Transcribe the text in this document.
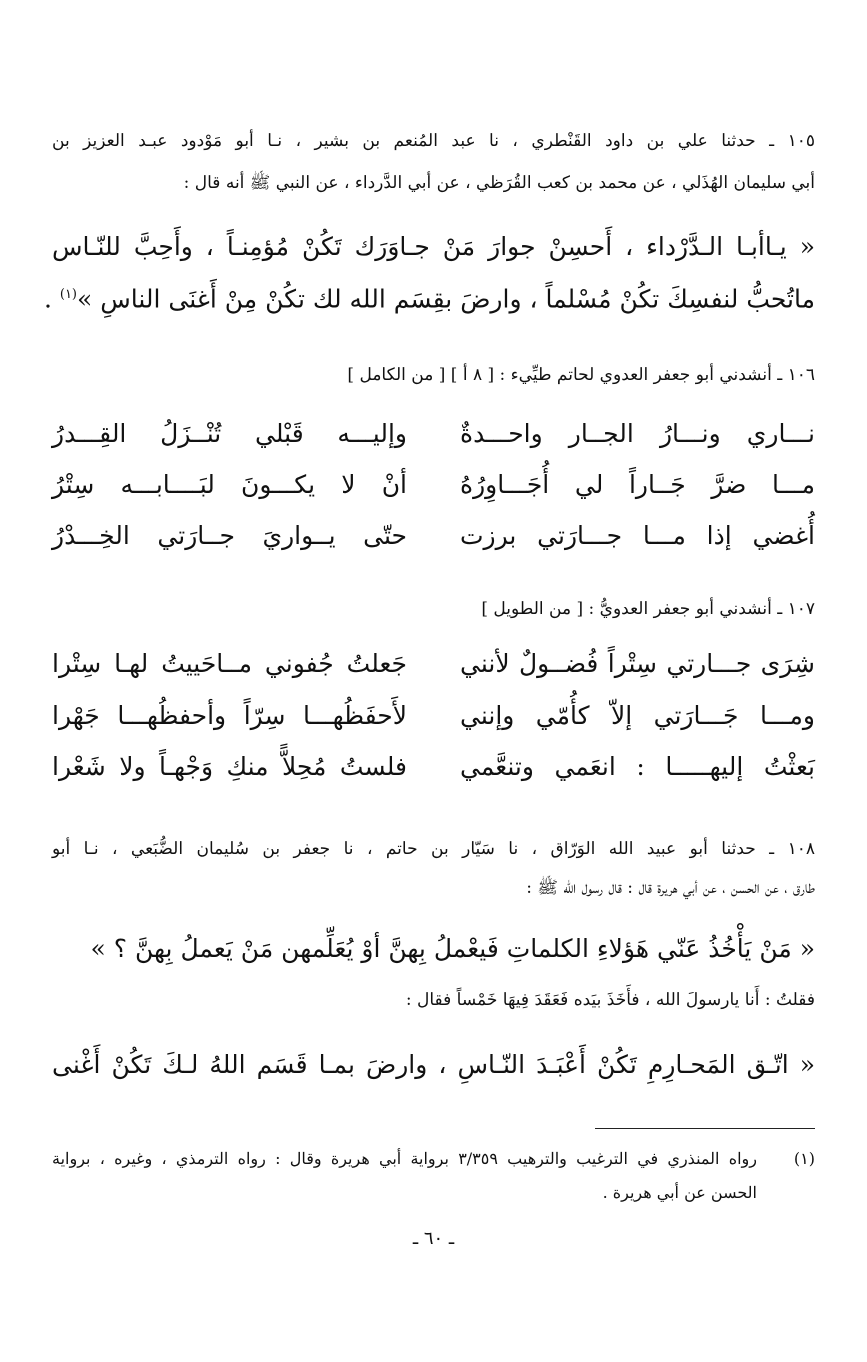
١٠٥ ـ حدثنا علي بن داود القَنْطري ، نا عبد المُنعم بن بشير ، نـا أبو مَوْدود عبـد العزيز بن
أبي سليمان الهُذَلي ، عن محمد بن كعب القُرَظي ، عن أبي الدَّرداء ، عن النبي ﷺ أنه قال :
« يـاأبـا الـدَّرْداء ، أَحسِنْ جوارَ مَنْ جـاوَرَك تَكُنْ مُؤمِنـاً ، وأَحِبَّ للنّـاس
ماتُحبُّ لنفسِكَ تكُنْ مُسْلماً ، وارضَ بقِسَم الله لك تكُنْ مِنْ أَغنَى الناسِ »$^{(١)}$ .
١٠٦ ـ أنشدني أبو جعفر العدوي لحاتم طيِّيء : [ ٨ أ ] [ من الكامل ]
نـــاري ونـــارُ الجــار واحـــدةٌ
وإليـــه قَبْلي تُنْــزَلُ القِـــدرُ
مـــا ضرَّ جَــاراً لي أُجَـــاوِرُهُ
أنْ لا يكـــونَ لبَــــابـــه سِتْرُ
أُغضي إذا مـــا جـــارَتي برزت
حتّى يــواريَ جــارَتي الخِـــدْرُ
١٠٧ ـ أنشدني أبو جعفر العدويُّ : [ من الطويل ]
شِرَى جـــارتي سِتْراً فُضــولٌ لأنني
جَعلتُ جُفوني مــاحَييتُ لهـا سِتْرا
ومـــا جَـــارَتي إلاّ كأُمّي وإنني
لأَحفَظُهـــا سِرّاً وأحفظُهـــا جَهْرا
بَعثْتُ إليهـــــا : انعَمي وتنعَّمي
فلستُ مُحِلاًّ منكِ وَجْهـاً ولا شَعْرا
١٠٨ ـ حدثنا أبو عبيد الله الوَرّاق ، نا سَيّار بن حاتم ، نا جعفر بن سُليمان الضُّبَعي ، نـا أبو
طارق ، عن الحسن ، عن أبي هريرة قال : قال رسول الله ﷺ :
« مَنْ يَأْخُذُ عَنّي هَؤلاءِ الكلماتِ فَيعْملُ بِهنَّ أوْ يُعَلِّمهن مَنْ يَعملُ بِهنَّ ؟ »
فقلتُ : أَنا يارسولَ الله ، فأَخَذَ بيَده فَعَقَدَ فِيهَا خَمْساً فقال :
« اتّـق المَحـارِمِ تَكُنْ أَعْبَـدَ النّـاسِ ، وارضَ بمـا قَسَم اللهُ لـكَ تَكُنْ أَغْنى
(١)
رواه المنذري في الترغيب والترهيب ٣/٣٥٩ برواية أبي هريرة وقال : رواه الترمذي ، وغيره ، برواية
الحسن عن أبي هريرة .
ـ ٦٠ ـ
